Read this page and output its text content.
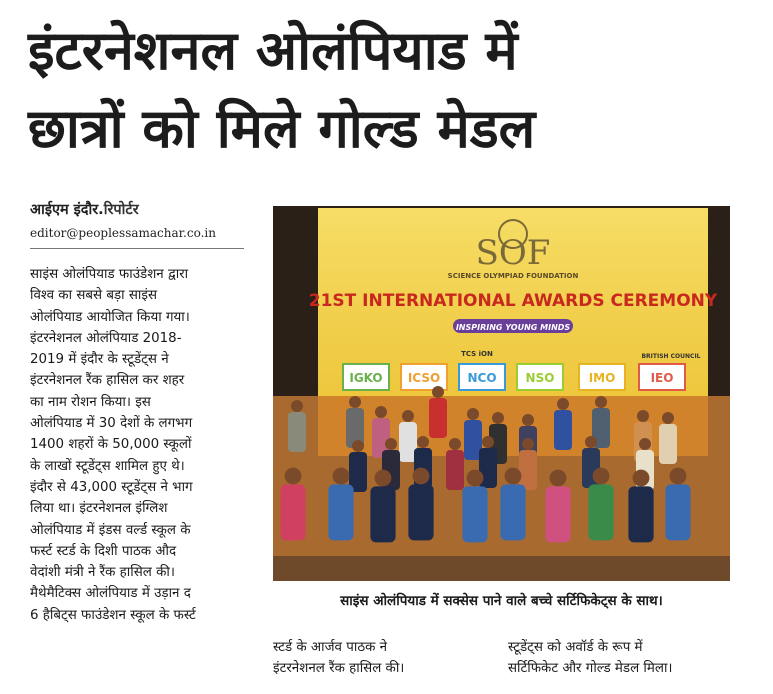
इंटरनेशनल ओलंपियाड में
छात्रों को मिले गोल्ड मेडल
आईएम इंदौर.रिपोर्टर
editor@peoplessamachar.co.in
साइंस ओलंपियाड फाउंडेशन द्वारा
विश्व का सबसे बड़ा साइंस
ओलंपियाड आयोजित किया गया।
इंटरनेशनल ओलंपियाड 2018-
2019 में इंदौर के स्टूडेंट्स ने
इंटरनेशनल रैंक हासिल कर शहर
का नाम रोशन किया। इस
ओलंपियाड में 30 देशों के लगभग
1400 शहरों के 50,000 स्कूलों
के लाखों स्टूडेंट्स शामिल हुए थे।
इंदौर से 43,000 स्टूडेंट्स ने भाग
लिया था। इंटरनेशनल इंग्लिश
ओलंपियाड में इंडस वर्ल्ड स्कूल के
फर्स्ट स्टर्ड के दिशी पाठक औद
वेदांशी मंत्री ने रैंक हासिल की।
मैथेमैटिक्स ओलंपियाड में उड़ान द
6 हैबिट्स फाउंडेशन स्कूल के फर्स्ट
SOF
SCIENCE OLYMPIAD FOUNDATION
21ST INTERNATIONAL AWARDS CEREMONY
INSPIRING YOUNG MINDS
TCS iON	BRITISH COUNCIL
IGKO ICSO NCO NSO	IMO	IEO
साइंस ओलंपियाड में सक्सेस पाने वाले बच्चे सर्टिफिकेट्स के साथ।
स्टर्ड के आर्जव पाठक ने
इंटरनेशनल रैंक हासिल की।
स्टूडेंट्स को अवॉर्ड के रूप में
सर्टिफिकेट और गोल्ड मेडल मिला।
